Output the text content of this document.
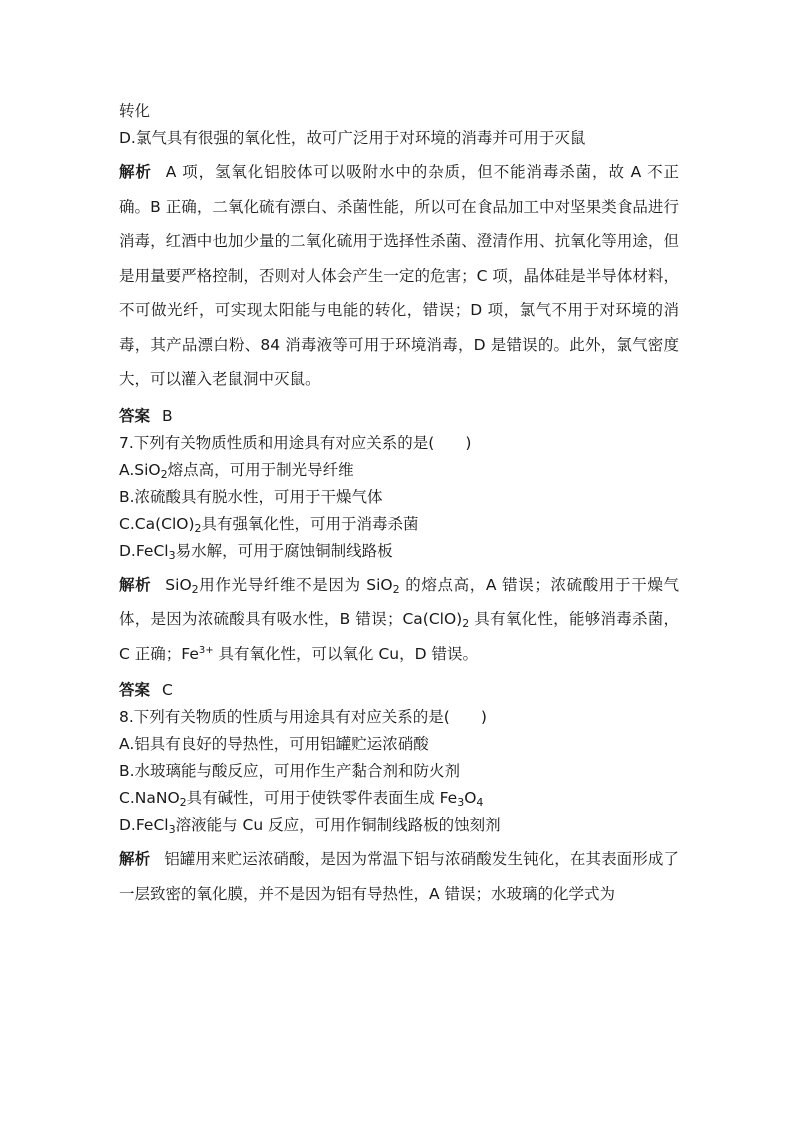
转化
D.氯气具有很强的氧化性，故可广泛用于对环境的消毒并可用于灭鼠
解析 A 项，氢氧化铝胶体可以吸附水中的杂质，但不能消毒杀菌，故 A 不正确。B 正确，二氧化硫有漂白、杀菌性能，所以可在食品加工中对坚果类食品进行消毒，红酒中也加少量的二氧化硫用于选择性杀菌、澄清作用、抗氧化等用途，但是用量要严格控制，否则对人体会产生一定的危害；C 项，晶体硅是半导体材料，不可做光纤，可实现太阳能与电能的转化，错误；D 项，氯气不用于对环境的消毒，其产品漂白粉、84 消毒液等可用于环境消毒，D 是错误的。此外，氯气密度大，可以灌入老鼠洞中灭鼠。
答案 B
7.下列有关物质性质和用途具有对应关系的是(　　)
A.SiO$_2$熔点高，可用于制光导纤维
B.浓硫酸具有脱水性，可用于干燥气体
$C.Ca(ClO)_2$具有强氧化性，可用于消毒杀菌
D.FeCl$_3$易水解，可用于腐蚀铜制线路板
解析 SiO$_2$用作光导纤维不是因为 SiO$_2$ 的熔点高，A 错误；浓硫酸用于干燥气体，是因为浓硫酸具有吸水性，B 错误；$Ca(ClO)_2$ 具有氧化性，能够消毒杀菌，C 正确；$Fe^{3+}$ 具有氧化性，可以氧化 Cu，D 错误。
答案 C
8.下列有关物质的性质与用途具有对应关系的是(　　)
A.铝具有良好的导热性，可用铝罐贮运浓硝酸
B.水玻璃能与酸反应，可用作生产黏合剂和防火剂
C.NaNO$_2$具有碱性，可用于使铁零件表面生成 $Fe_3O_4$
D.FeCl$_3$溶液能与 Cu 反应，可用作铜制线路板的蚀刻剂
解析 铝罐用来贮运浓硝酸，是因为常温下铝与浓硝酸发生钝化，在其表面形成了一层致密的氧化膜，并不是因为铝有导热性，A 错误；水玻璃的化学式为
